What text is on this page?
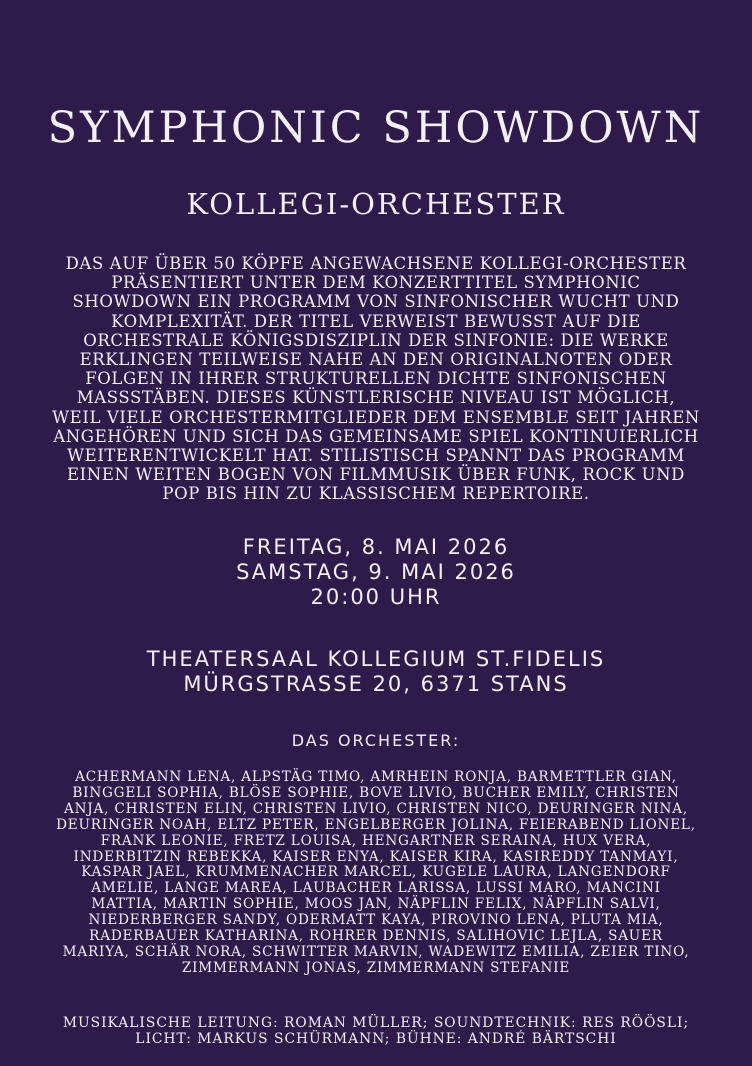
SYMPHONIC SHOWDOWN
KOLLEGI-ORCHESTER
DAS AUF ÜBER 50 KÖPFE ANGEWACHSENE KOLLEGI-ORCHESTER
PRÄSENTIERT UNTER DEM KONZERTTITEL SYMPHONIC
SHOWDOWN EIN PROGRAMM VON SINFONISCHER WUCHT UND
KOMPLEXITÄT. DER TITEL VERWEIST BEWUSST AUF DIE
ORCHESTRALE KÖNIGSDISZIPLIN DER SINFONIE: DIE WERKE
ERKLINGEN TEILWEISE NAHE AN DEN ORIGINALNOTEN ODER
FOLGEN IN IHRER STRUKTURELLEN DICHTE SINFONISCHEN
MASSSTÄBEN. DIESES KÜNSTLERISCHE NIVEAU IST MÖGLICH,
WEIL VIELE ORCHESTERMITGLIEDER DEM ENSEMBLE SEIT JAHREN
ANGEHÖREN UND SICH DAS GEMEINSAME SPIEL KONTINUIERLICH
WEITERENTWICKELT HAT. STILISTISCH SPANNT DAS PROGRAMM
EINEN WEITEN BOGEN VON FILMMUSIK ÜBER FUNK, ROCK UND
POP BIS HIN ZU KLASSISCHEM REPERTOIRE.
FREITAG, 8. MAI 2026
SAMSTAG, 9. MAI 2026
20:00 UHR
THEATERSAAL KOLLEGIUM ST.FIDELIS
MÜRGSTRASSE 20, 6371 STANS
DAS ORCHESTER:
ACHERMANN LENA, ALPSTÄG TIMO, AMRHEIN RONJA, BARMETTLER GIAN,
BINGGELI SOPHIA, BLÖSE SOPHIE, BOVE LIVIO, BUCHER EMILY, CHRISTEN
ANJA, CHRISTEN ELIN, CHRISTEN LIVIO, CHRISTEN NICO, DEURINGER NINA,
DEURINGER NOAH, ELTZ PETER, ENGELBERGER JOLINA, FEIERABEND LIONEL,
FRANK LEONIE, FRETZ LOUISA, HENGARTNER SERAINA, HUX VERA,
INDERBITZIN REBEKKA, KAISER ENYA, KAISER KIRA, KASIREDDY TANMAYI,
KASPAR JAEL, KRUMMENACHER MARCEL, KUGELE LAURA, LANGENDORF
AMELIE, LANGE MAREA, LAUBACHER LARISSA, LUSSI MARO, MANCINI
MATTIA, MARTIN SOPHIE, MOOS JAN, NÄPFLIN FELIX, NÄPFLIN SALVI,
NIEDERBERGER SANDY, ODERMATT KAYA, PIROVINO LENA, PLUTA MIA,
RADERBAUER KATHARINA, ROHRER DENNIS, SALIHOVIC LEJLA, SAUER
MARIYA, SCHÄR NORA, SCHWITTER MARVIN, WADEWITZ EMILIA, ZEIER TINO,
ZIMMERMANN JONAS, ZIMMERMANN STEFANIE
MUSIKALISCHE LEITUNG: ROMAN MÜLLER; SOUNDTECHNIK: RES RÖÖSLI;
LICHT: MARKUS SCHÜRMANN; BÜHNE: ANDRÉ BÄRTSCHI
